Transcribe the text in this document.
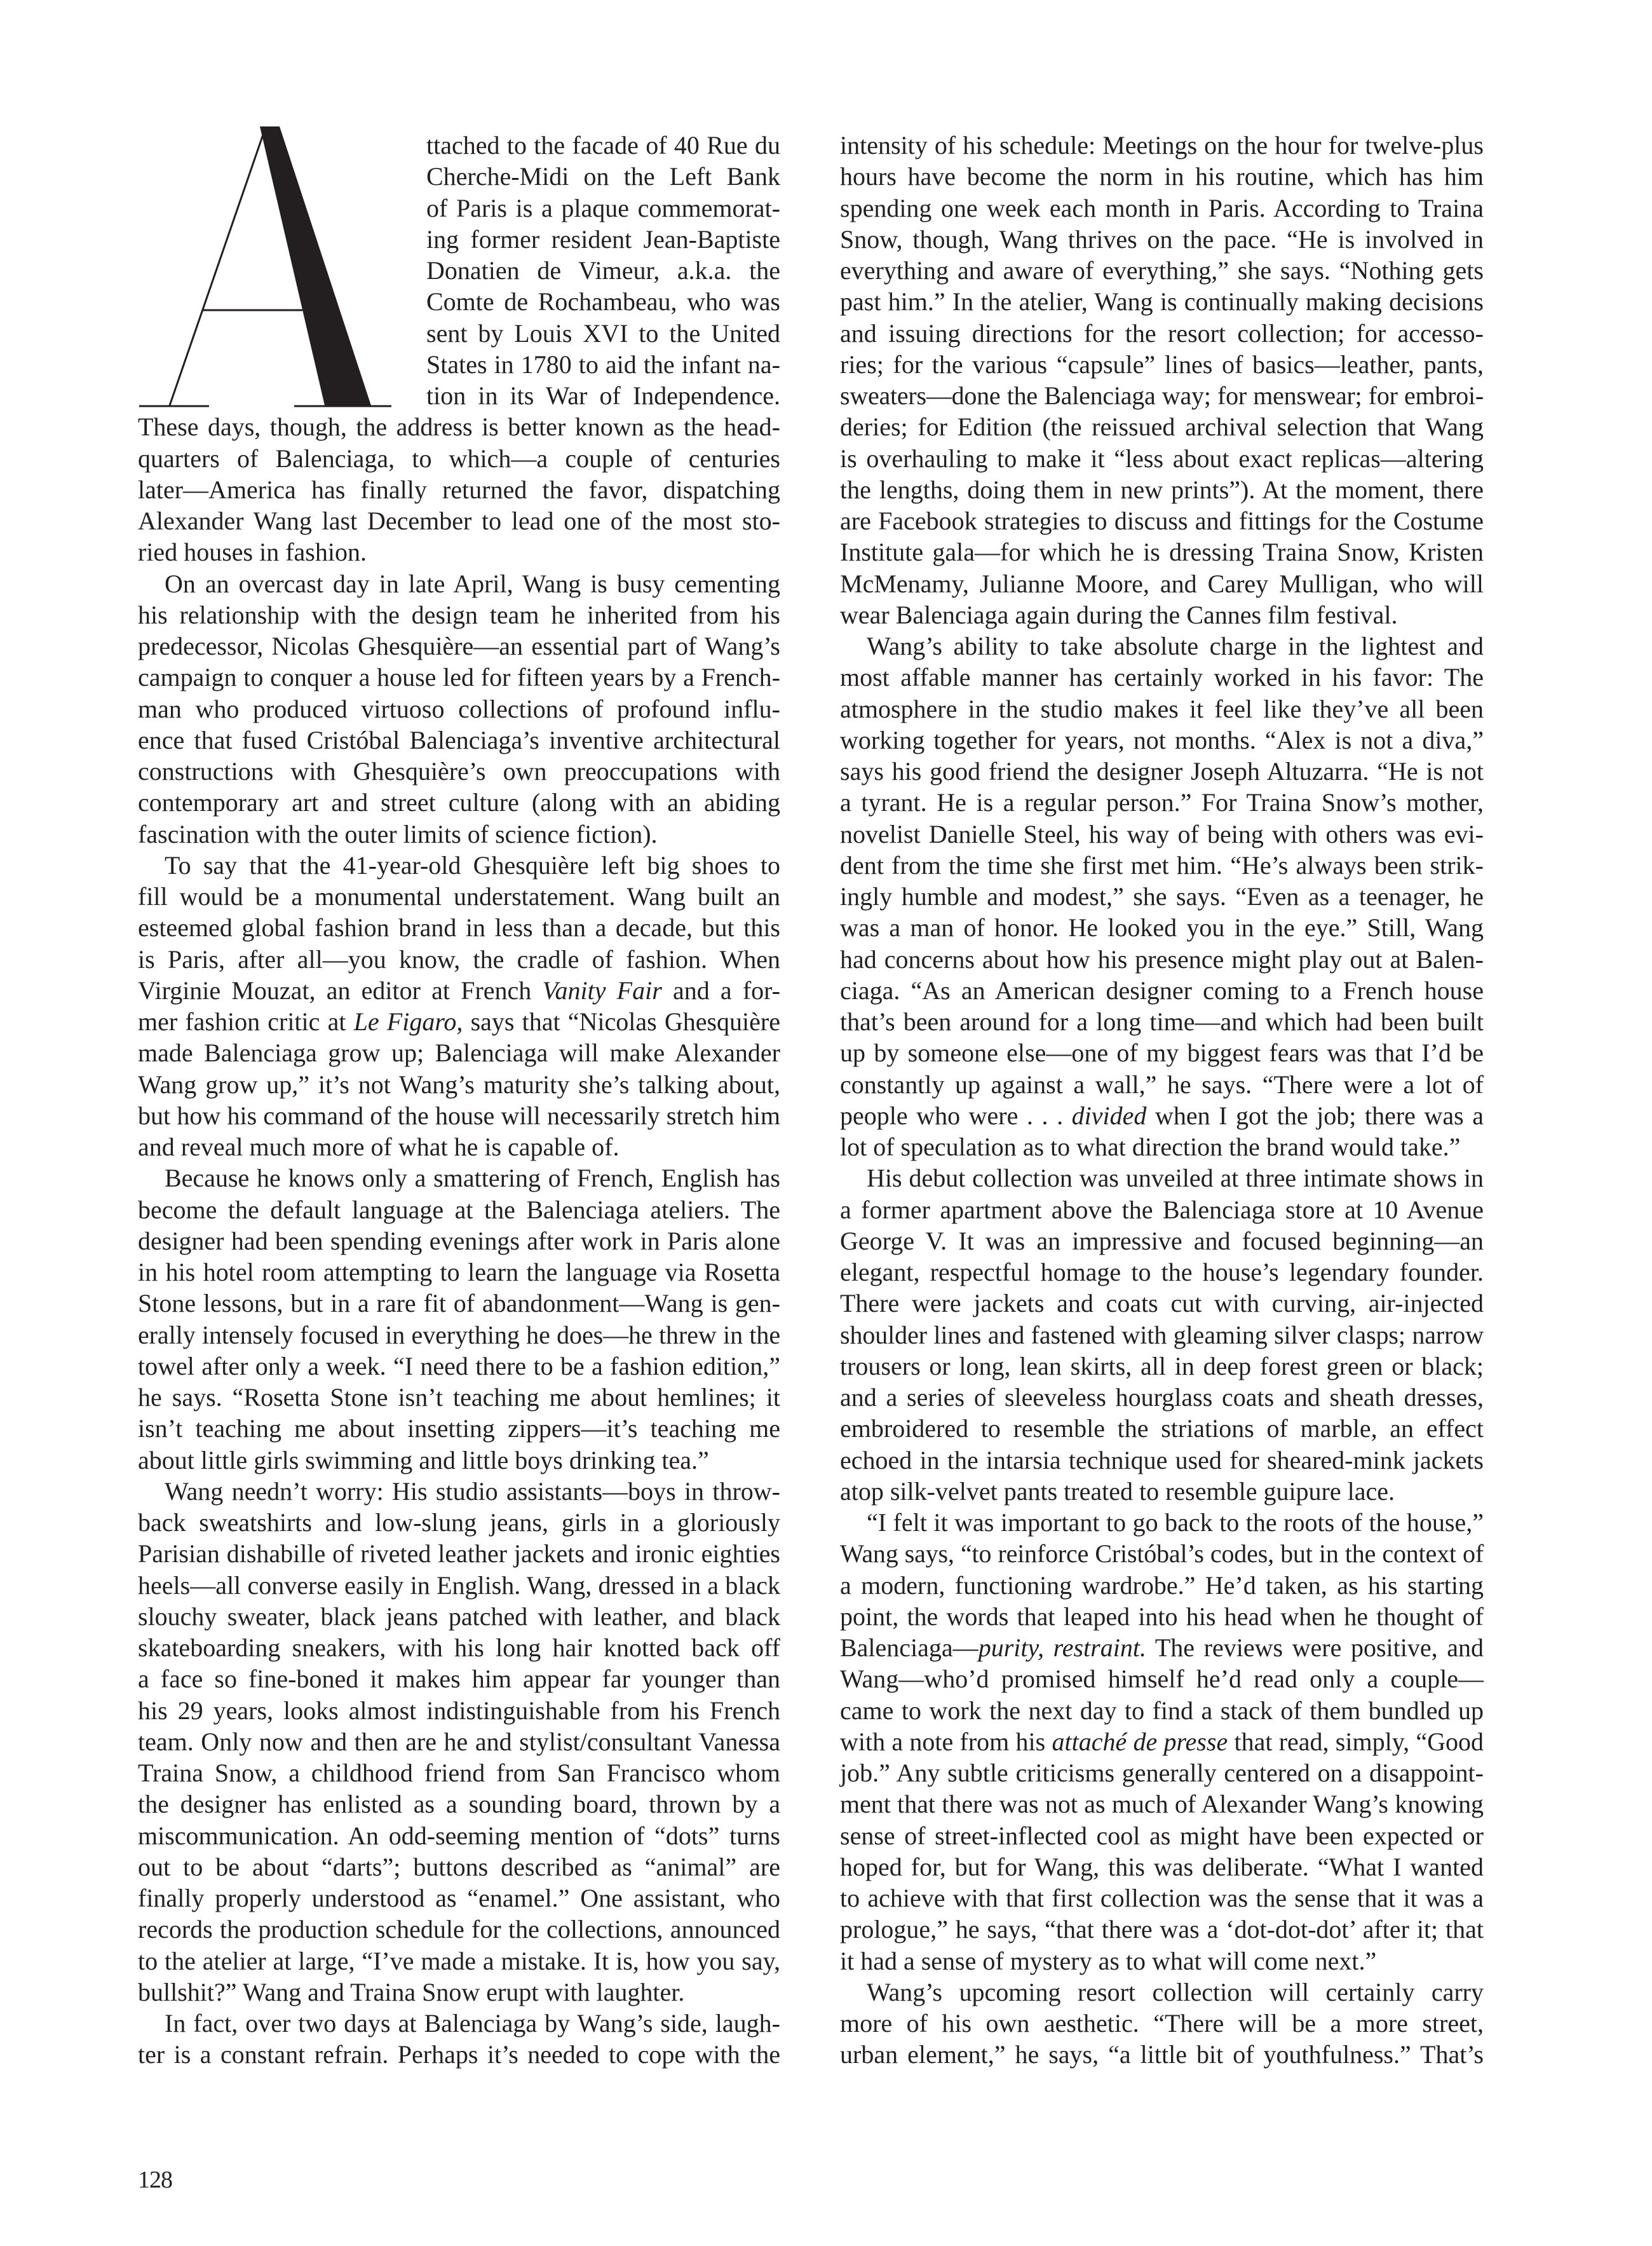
ttached to the facade of 40 Rue du
Cherche-Midi on the Left Bank
of Paris is a plaque commemorat-
ing former resident Jean-Baptiste
Donatien de Vimeur, a.k.a. the
Comte de Rochambeau, who was
sent by Louis XVI to the United
States in 1780 to aid the infant na-
tion in its War of Independence.
These days, though, the address is better known as the head-
quarters of Balenciaga, to which—a couple of centuries
later—America has finally returned the favor, dispatching
Alexander Wang last December to lead one of the most sto-
ried houses in fashion.
On an overcast day in late April, Wang is busy cementing
his relationship with the design team he inherited from his
predecessor, Nicolas Ghesquière—an essential part of Wang’s
campaign to conquer a house led for fifteen years by a French-
man who produced virtuoso collections of profound influ-
ence that fused Cristóbal Balenciaga’s inventive architectural
constructions with Ghesquière’s own preoccupations with
contemporary art and street culture (along with an abiding
fascination with the outer limits of science fiction).
To say that the 41-year-old Ghesquière left big shoes to
fill would be a monumental understatement. Wang built an
esteemed global fashion brand in less than a decade, but this
is Paris, after all—you know, the cradle of fashion. When
Virginie Mouzat, an editor at French Vanity Fair and a for-
mer fashion critic at Le Figaro, says that “Nicolas Ghesquière
made Balenciaga grow up; Balenciaga will make Alexander
Wang grow up,” it’s not Wang’s maturity she’s talking about,
but how his command of the house will necessarily stretch him
and reveal much more of what he is capable of.
Because he knows only a smattering of French, English has
become the default language at the Balenciaga ateliers. The
designer had been spending evenings after work in Paris alone
in his hotel room attempting to learn the language via Rosetta
Stone lessons, but in a rare fit of abandonment—Wang is gen-
erally intensely focused in everything he does—he threw in the
towel after only a week. “I need there to be a fashion edition,”
he says. “Rosetta Stone isn’t teaching me about hemlines; it
isn’t teaching me about insetting zippers—it’s teaching me
about little girls swimming and little boys drinking tea.”
Wang needn’t worry: His studio assistants—boys in throw-
back sweatshirts and low-slung jeans, girls in a gloriously
Parisian dishabille of riveted leather jackets and ironic eighties
heels—all converse easily in English. Wang, dressed in a black
slouchy sweater, black jeans patched with leather, and black
skateboarding sneakers, with his long hair knotted back off
a face so fine-boned it makes him appear far younger than
his 29 years, looks almost indistinguishable from his French
team. Only now and then are he and stylist/consultant Vanessa
Traina Snow, a childhood friend from San Francisco whom
the designer has enlisted as a sounding board, thrown by a
miscommunication. An odd-seeming mention of “dots” turns
out to be about “darts”; buttons described as “animal” are
finally properly understood as “enamel.” One assistant, who
records the production schedule for the collections, announced
to the atelier at large, “I’ve made a mistake. It is, how you say,
bullshit?” Wang and Traina Snow erupt with laughter.
In fact, over two days at Balenciaga by Wang’s side, laugh-
ter is a constant refrain. Perhaps it’s needed to cope with the
intensity of his schedule: Meetings on the hour for twelve-plus
hours have become the norm in his routine, which has him
spending one week each month in Paris. According to Traina
Snow, though, Wang thrives on the pace. “He is involved in
everything and aware of everything,” she says. “Nothing gets
past him.” In the atelier, Wang is continually making decisions
and issuing directions for the resort collection; for accesso-
ries; for the various “capsule” lines of basics—leather, pants,
sweaters—done the Balenciaga way; for menswear; for embroi-
deries; for Edition (the reissued archival selection that Wang
is overhauling to make it “less about exact replicas—altering
the lengths, doing them in new prints”). At the moment, there
are Facebook strategies to discuss and fittings for the Costume
Institute gala—for which he is dressing Traina Snow, Kristen
McMenamy, Julianne Moore, and Carey Mulligan, who will
wear Balenciaga again during the Cannes film festival.
Wang’s ability to take absolute charge in the lightest and
most affable manner has certainly worked in his favor: The
atmosphere in the studio makes it feel like they’ve all been
working together for years, not months. “Alex is not a diva,”
says his good friend the designer Joseph Altuzarra. “He is not
a tyrant. He is a regular person.” For Traina Snow’s mother,
novelist Danielle Steel, his way of being with others was evi-
dent from the time she first met him. “He’s always been strik-
ingly humble and modest,” she says. “Even as a teenager, he
was a man of honor. He looked you in the eye.” Still, Wang
had concerns about how his presence might play out at Balen-
ciaga. “As an American designer coming to a French house
that’s been around for a long time—and which had been built
up by someone else—one of my biggest fears was that I’d be
constantly up against a wall,” he says. “There were a lot of
people who were . . . divided when I got the job; there was a
lot of speculation as to what direction the brand would take.”
His debut collection was unveiled at three intimate shows in
a former apartment above the Balenciaga store at 10 Avenue
George V. It was an impressive and focused beginning—an
elegant, respectful homage to the house’s legendary founder.
There were jackets and coats cut with curving, air-injected
shoulder lines and fastened with gleaming silver clasps; narrow
trousers or long, lean skirts, all in deep forest green or black;
and a series of sleeveless hourglass coats and sheath dresses,
embroidered to resemble the striations of marble, an effect
echoed in the intarsia technique used for sheared-mink jackets
atop silk-velvet pants treated to resemble guipure lace.
“I felt it was important to go back to the roots of the house,”
Wang says, “to reinforce Cristóbal’s codes, but in the context of
a modern, functioning wardrobe.” He’d taken, as his starting
point, the words that leaped into his head when he thought of
Balenciaga—purity, restraint. The reviews were positive, and
Wang—who’d promised himself he’d read only a couple—
came to work the next day to find a stack of them bundled up
with a note from his attaché de presse that read, simply, “Good
job.” Any subtle criticisms generally centered on a disappoint-
ment that there was not as much of Alexander Wang’s knowing
sense of street-inflected cool as might have been expected or
hoped for, but for Wang, this was deliberate. “What I wanted
to achieve with that first collection was the sense that it was a
prologue,” he says, “that there was a ‘dot-dot-dot’ after it; that
it had a sense of mystery as to what will come next.”
Wang’s upcoming resort collection will certainly carry
more of his own aesthetic. “There will be a more street,
urban element,” he says, “a little bit of youthfulness.” That’s
128
